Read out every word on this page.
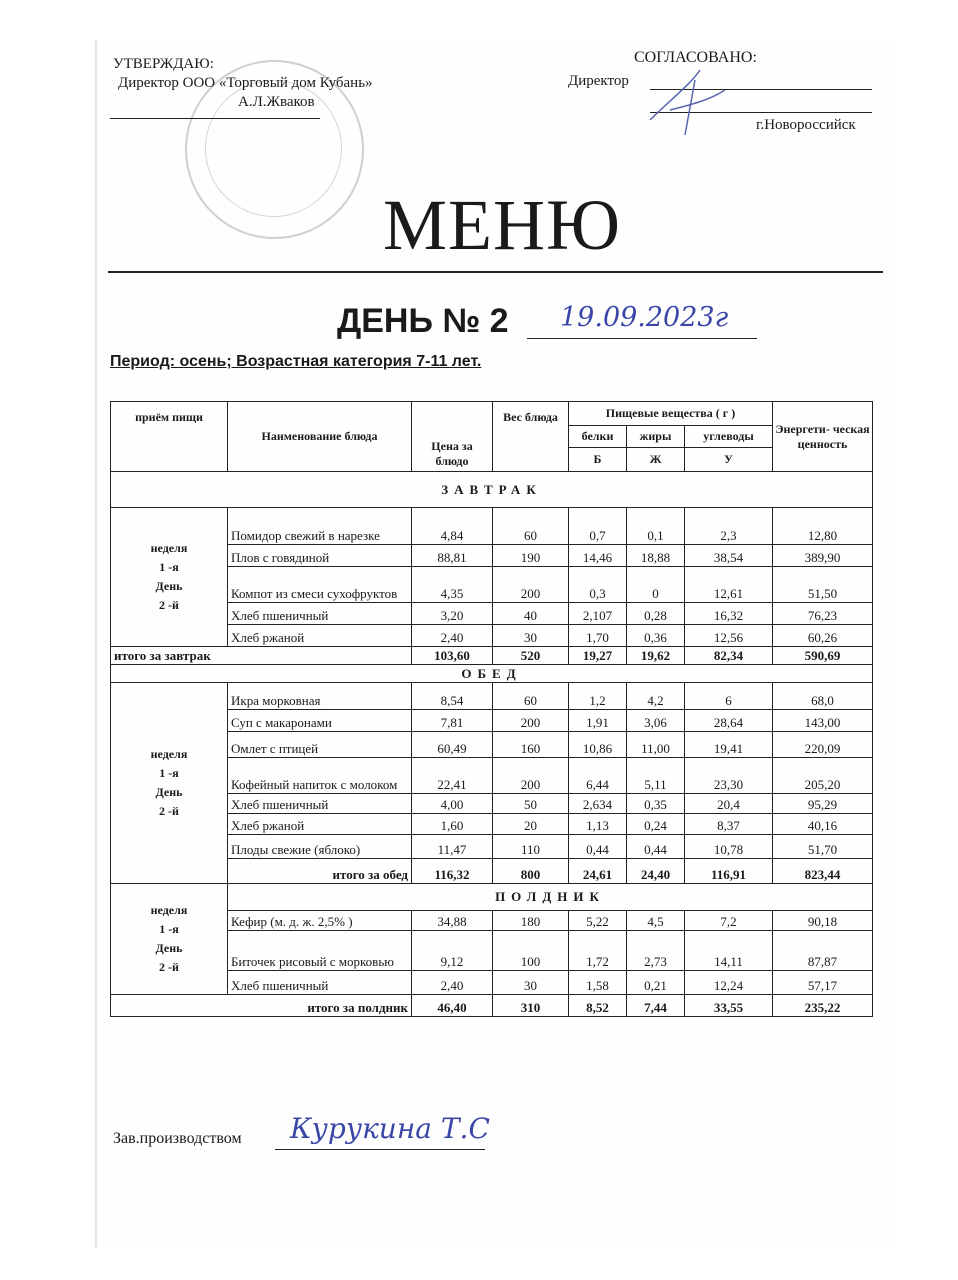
УТВЕРЖДАЮ:
Директор ООО «Торговый дом Кубань»
А.Л.Жваков
СОГЛАСОВАНО:
Директор
г.Новороссийск
МЕНЮ
ДЕНЬ № 2 19.09.2023г
Период: осень; Возрастная категория 7-11 лет.
приём пищи	Наименование блюда	Цена за блюдо	Вес блюда	Пищевые вещества ( г )			Энергети- ческая ценность
				белки	жиры	углеводы	
				Б	Ж	У	
ЗАВТРАК							

неделя
1 -я
День
2 -й	Помидор свежий в нарезке	4,84	60	0,7	0,1	2,3	12,80
	Плов с говядиной	88,81	190	14,46	18,88	38,54	389,90
	Компот из смеси сухофруктов	4,35	200	0,3	0	12,61	51,50
	Хлеб пшеничный	3,20	40	2,107	0,28	16,32	76,23
	Хлеб ржаной	2,40	30	1,70	0,36	12,56	60,26
итого за завтрак		103,60	520	19,27	19,62	82,34	590,69
ОБЕД							

неделя
1 -я
День
2 -й	Икра морковная	8,54	60	1,2	4,2	6	68,0
	Суп с макаронами	7,81	200	1,91	3,06	28,64	143,00
	Омлет с птицей	60,49	160	10,86	11,00	19,41	220,09
	Кофейный напиток с молоком	22,41	200	6,44	5,11	23,30	205,20
	Хлеб пшеничный	4,00	50	2,634	0,35	20,4	95,29
	Хлеб ржаной	1,60	20	1,13	0,24	8,37	40,16
	Плоды свежие (яблоко)	11,47	110	0,44	0,44	10,78	51,70
	итого за обед	116,32	800	24,61	24,40	116,91	823,44

неделя
1 -я
День
2 -й	ПОЛДНИК						
	Кефир (м. д. ж. 2,5% )	34,88	180	5,22	4,5	7,2	90,18
	Биточек рисовый с морковью	9,12	100	1,72	2,73	14,11	87,87
	Хлеб пшеничный	2,40	30	1,58	0,21	12,24	57,17
итого за полдник		46,40	310	8,52	7,44	33,55	235,22
Зав.производством Курукина Т.С
